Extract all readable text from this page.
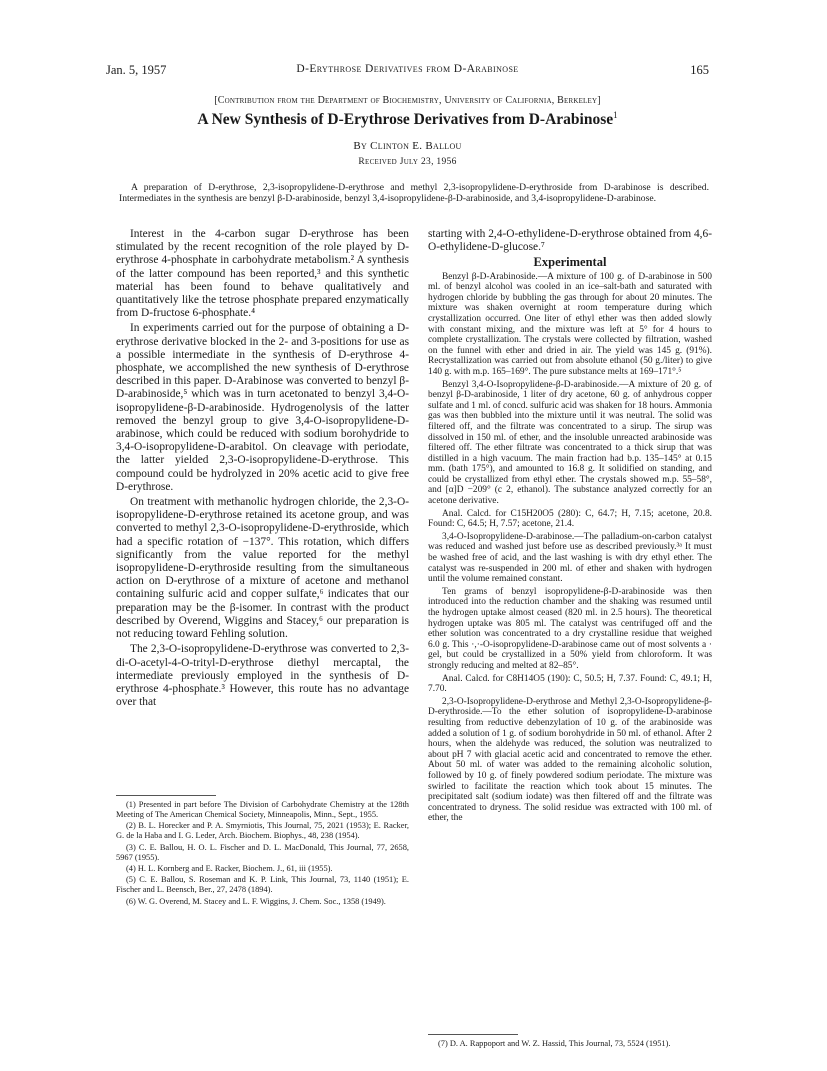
Jan. 5, 1957	D-Erythrose Derivatives from D-Arabinose	165
[Contribution from the Department of Biochemistry, University of California, Berkeley]
A New Synthesis of D-Erythrose Derivatives from D-Arabinose$^1$
By Clinton E. Ballou
Received July 23, 1956
A preparation of D-erythrose, 2,3-isopropylidene-D-erythrose and methyl 2,3-isopropylidene-D-erythroside from D-arabinose is described. Intermediates in the synthesis are benzyl β-D-arabinoside, benzyl 3,4-isopropylidene-β-D-arabinoside, and 3,4-isopropylidene-D-arabinose.

Interest in the 4-carbon sugar D-erythrose has been stimulated by the recent recognition of the role played by D-erythrose 4-phosphate in carbohydrate metabolism.² A synthesis of the latter compound has been reported,³ and this synthetic material has been found to behave qualitatively and quantitatively like the tetrose phosphate prepared enzymatically from D-fructose 6-phosphate.⁴

In experiments carried out for the purpose of obtaining a D-erythrose derivative blocked in the 2- and 3-positions for use as a possible intermediate in the synthesis of D-erythrose 4-phosphate, we accomplished the new synthesis of D-erythrose described in this paper. D-Arabinose was converted to benzyl β-D-arabinoside,⁵ which was in turn acetonated to benzyl 3,4-O-isopropylidene-β-D-arabinoside. Hydrogenolysis of the latter removed the benzyl group to give 3,4-O-isopropylidene-D-arabinose, which could be reduced with sodium borohydride to 3,4-O-isopropylidene-D-arabitol. On cleavage with periodate, the latter yielded 2,3-O-isopropylidene-D-erythrose. This compound could be hydrolyzed in 20% acetic acid to give free D-erythrose.

On treatment with methanolic hydrogen chloride, the 2,3-O-isopropylidene-D-erythrose retained its acetone group, and was converted to methyl 2,3-O-isopropylidene-D-erythroside, which had a specific rotation of −137°. This rotation, which differs significantly from the value reported for the methyl isopropylidene-D-erythroside resulting from the simultaneous action on D-erythrose of a mixture of acetone and methanol containing sulfuric acid and copper sulfate,⁶ indicates that our preparation may be the β-isomer. In contrast with the product described by Overend, Wiggins and Stacey,⁶ our preparation is not reducing toward Fehling solution.

The 2,3-O-isopropylidene-D-erythrose was converted to 2,3-di-O-acetyl-4-O-trityl-D-erythrose diethyl mercaptal, the intermediate previously employed in the synthesis of D-erythrose 4-phosphate.³ However, this route has no advantage over that

(1) Presented in part before The Division of Carbohydrate Chemistry at the 128th Meeting of The American Chemical Society, Minneapolis, Minn., Sept., 1955.
(2) B. L. Horecker and P. A. Smyrniotis, This Journal, 75, 2021 (1953); E. Racker, G. de la Haba and I. G. Leder, Arch. Biochem. Biophys., 48, 238 (1954).
(3) C. E. Ballou, H. O. L. Fischer and D. L. MacDonald, This Journal, 77, 2658, 5967 (1955).
(4) H. L. Kornberg and E. Racker, Biochem. J., 61, iii (1955).
(5) C. E. Ballou, S. Roseman and K. P. Link, This Journal, 73, 1140 (1951); E. Fischer and L. Beensch, Ber., 27, 2478 (1894).
(6) W. G. Overend, M. Stacey and L. F. Wiggins, J. Chem. Soc., 1358 (1949).

starting with 2,4-O-ethylidene-D-erythrose obtained from 4,6-O-ethylidene-D-glucose.⁷

Experimental

Benzyl β-D-Arabinoside.—A mixture of 100 g. of D-arabinose in 500 ml. of benzyl alcohol was cooled in an ice–salt-bath and saturated with hydrogen chloride by bubbling the gas through for about 20 minutes. The mixture was shaken overnight at room temperature during which crystallization occurred. One liter of ethyl ether was then added slowly with constant mixing, and the mixture was left at 5° for 4 hours to complete crystallization. The crystals were collected by filtration, washed on the funnel with ether and dried in air. The yield was 145 g. (91%). Recrystallization was carried out from absolute ethanol (50 g./liter) to give 140 g. with m.p. 165–169°. The pure substance melts at 169–171°.⁵

Benzyl 3,4-O-Isopropylidene-β-D-arabinoside.—A mixture of 20 g. of benzyl β-D-arabinoside, 1 liter of dry acetone, 60 g. of anhydrous copper sulfate and 1 ml. of concd. sulfuric acid was shaken for 18 hours. Ammonia gas was then bubbled into the mixture until it was neutral. The solid was filtered off, and the filtrate was concentrated to a sirup. The sirup was dissolved in 150 ml. of ether, and the insoluble unreacted arabinoside was filtered off. The ether filtrate was concentrated to a thick sirup that was distilled in a high vacuum. The main fraction had b.p. 135–145° at 0.15 mm. (bath 175°), and amounted to 16.8 g. It solidified on standing, and could be crystallized from ethyl ether. The crystals showed m.p. 55–58°, and [α]D −209° (c 2, ethanol). The substance analyzed correctly for an acetone derivative.

Anal. Calcd. for C15H20O5 (280): C, 64.7; H, 7.15; acetone, 20.8. Found: C, 64.5; H, 7.57; acetone, 21.4.

3,4-O-Isopropylidene-D-arabinose.—The palladium-on-carbon catalyst was reduced and washed just before use as described previously.³ᵃ It must be washed free of acid, and the last washing is with dry ethyl ether. The catalyst was re-suspended in 200 ml. of ether and shaken with hydrogen until the volume remained constant.

Ten grams of benzyl isopropylidene-β-D-arabinoside was then introduced into the reduction chamber and the shaking was resumed until the hydrogen uptake almost ceased (820 ml. in 2.5 hours). The theoretical hydrogen uptake was 805 ml. The catalyst was centrifuged off and the ether solution was concentrated to a dry crystalline residue that weighed 6.0 g. This ·,·-O-isopropylidene-D-arabinose came out of most solvents a · gel, but could be crystallized in a 50% yield from chloroform. It was strongly reducing and melted at 82–85°.

Anal. Calcd. for C8H14O5 (190): C, 50.5; H, 7.37. Found: C, 49.1; H, 7.70.

2,3-O-Isopropylidene-D-erythrose and Methyl 2,3-O-Isopropylidene-β-D-erythroside.—To the ether solution of isopropylidene-D-arabinose resulting from reductive debenzylation of 10 g. of the arabinoside was added a solution of 1 g. of sodium borohydride in 50 ml. of ethanol. After 2 hours, when the aldehyde was reduced, the solution was neutralized to about pH 7 with glacial acetic acid and concentrated to remove the ether. About 50 ml. of water was added to the remaining alcoholic solution, followed by 10 g. of finely powdered sodium periodate. The mixture was swirled to facilitate the reaction which took about 15 minutes. The precipitated salt (sodium iodate) was then filtered off and the filtrate was concentrated to dryness. The solid residue was extracted with 100 ml. of ether, the

(7) D. A. Rappoport and W. Z. Hassid, This Journal, 73, 5524 (1951).
